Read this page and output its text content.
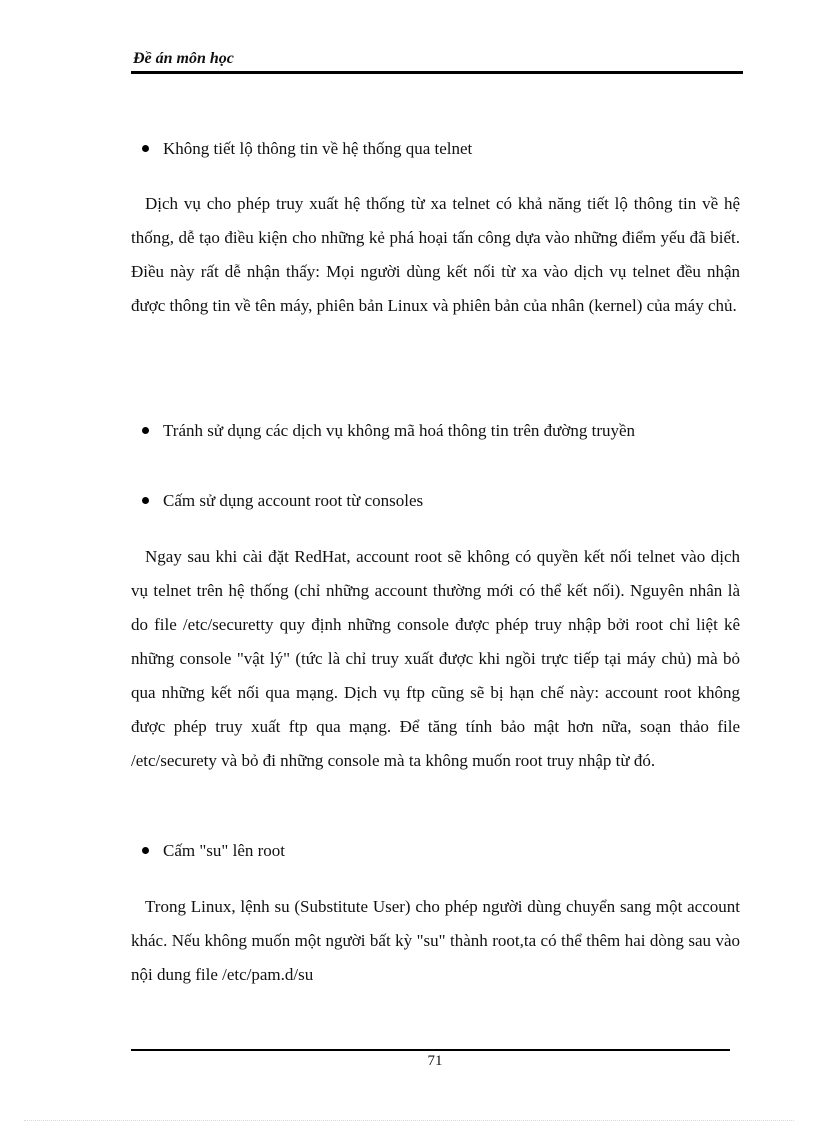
Đề án môn học
Không tiết lộ thông tin về hệ thống qua telnet
Dịch vụ cho phép truy xuất hệ thống từ xa telnet có khả năng tiết lộ thông tin về hệ thống, dễ tạo điều kiện cho những kẻ phá hoại tấn công dựa vào những điểm yếu đã biết. Điều này rất dễ nhận thấy: Mọi người dùng kết nối từ xa vào dịch vụ telnet đều nhận được thông tin về tên máy, phiên bản Linux và phiên bản của nhân (kernel) của máy chủ.
Tránh sử dụng các dịch vụ không mã hoá thông tin trên đường truyền
Cấm sử dụng account root từ consoles
Ngay sau khi cài đặt RedHat, account root sẽ không có quyền kết nối telnet vào dịch vụ telnet trên hệ thống (chỉ những account thường mới có thể kết nối). Nguyên nhân là do file /etc/securetty quy định những console được phép truy nhập bởi root chỉ liệt kê những console "vật lý" (tức là chỉ truy xuất được khi ngồi trực tiếp tại máy chủ) mà bỏ qua những kết nối qua mạng. Dịch vụ ftp cũng sẽ bị hạn chế này: account root không được phép truy xuất ftp qua mạng. Để tăng tính bảo mật hơn nữa, soạn thảo file /etc/securety và bỏ đi những console mà ta không muốn root truy nhập từ đó.
Cấm "su" lên root
Trong Linux, lệnh su (Substitute User) cho phép người dùng chuyển sang một account khác. Nếu không muốn một người bất kỳ "su" thành root,ta có thể thêm hai dòng sau vào nội dung file /etc/pam.d/su
71
